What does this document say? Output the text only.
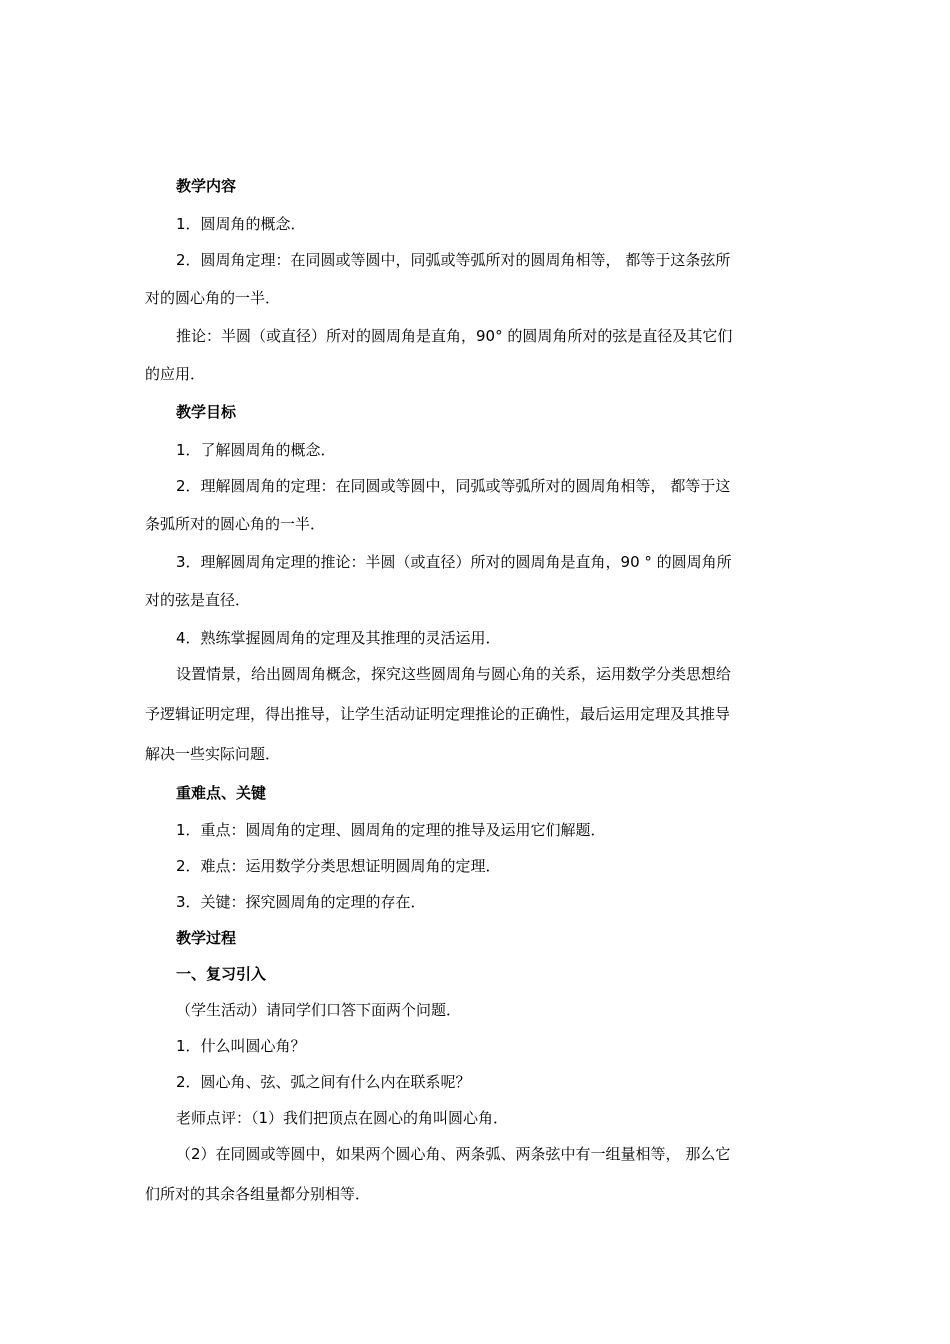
教学内容
1．圆周角的概念．
2．圆周角定理：在同圆或等圆中，同弧或等弧所对的圆周角相等， 都等于这条弦所
对的圆心角的一半．
推论：半圆（或直径）所对的圆周角是直角，90° 的圆周角所对的弦是直径及其它们
的应用．
教学目标
1．了解圆周角的概念．
2．理解圆周角的定理：在同圆或等圆中，同弧或等弧所对的圆周角相等， 都等于这
条弧所对的圆心角的一半．
3．理解圆周角定理的推论：半圆（或直径）所对的圆周角是直角，90 ° 的圆周角所
对的弦是直径．
4．熟练掌握圆周角的定理及其推理的灵活运用．
设置情景，给出圆周角概念，探究这些圆周角与圆心角的关系，运用数学分类思想给
予逻辑证明定理，得出推导，让学生活动证明定理推论的正确性，最后运用定理及其推导
解决一些实际问题．
重难点、关键
1．重点：圆周角的定理、圆周角的定理的推导及运用它们解题．
2．难点：运用数学分类思想证明圆周角的定理．
3．关键：探究圆周角的定理的存在．
教学过程
一、复习引入
（学生活动）请同学们口答下面两个问题．
1．什么叫圆心角？
2．圆心角、弦、弧之间有什么内在联系呢？
老师点评：（1）我们把顶点在圆心的角叫圆心角．
（2）在同圆或等圆中，如果两个圆心角、两条弧、两条弦中有一组量相等， 那么它
们所对的其余各组量都分别相等．
